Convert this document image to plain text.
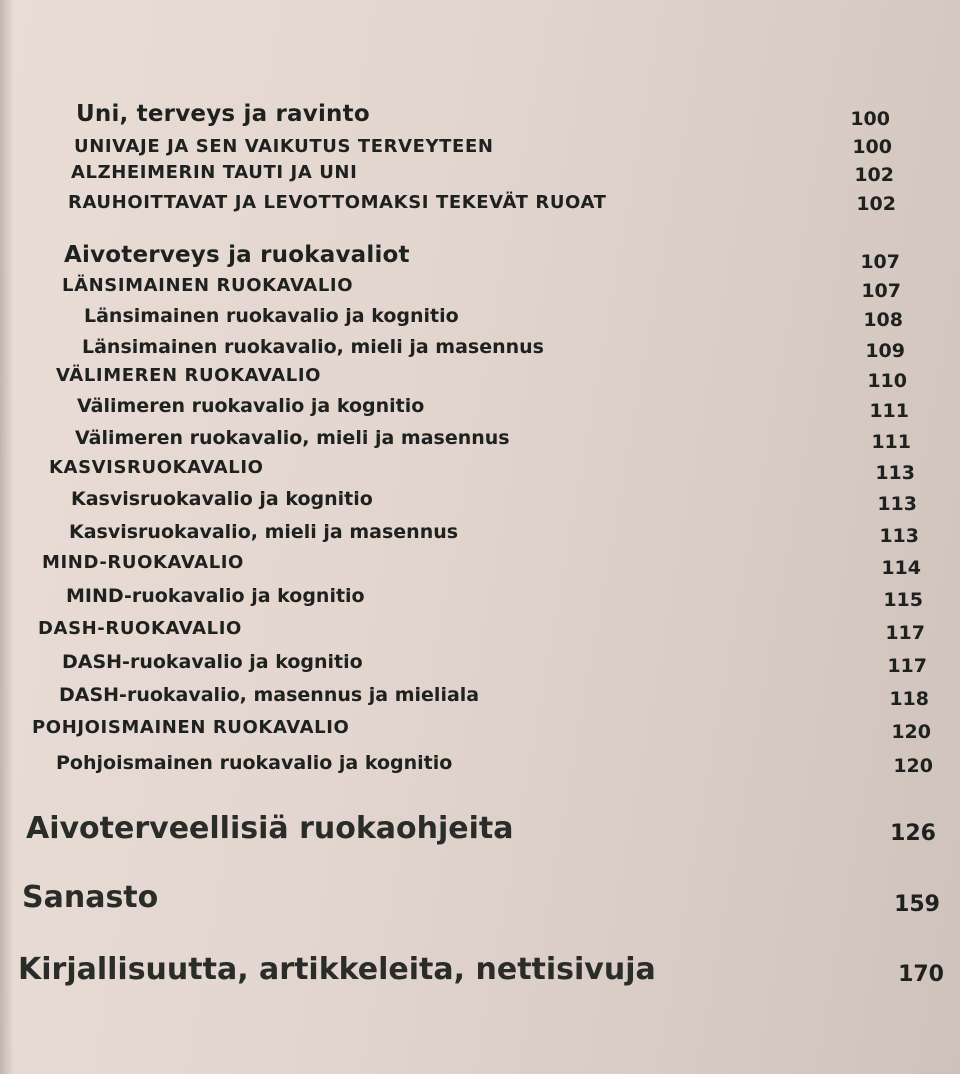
Uni, terveys ja ravinto	100
UNIVAJE JA SEN VAIKUTUS TERVEYTEEN	100
ALZHEIMERIN TAUTI JA UNI	102
RAUHOITTAVAT JA LEVOTTOMAKSI TEKEVÄT RUOAT	102
Aivoterveys ja ruokavaliot	107
LÄNSIMAINEN RUOKAVALIO	107
Länsimainen ruokavalio ja kognitio	108
Länsimainen ruokavalio, mieli ja masennus	109
VÄLIMEREN RUOKAVALIO	110
Välimeren ruokavalio ja kognitio	111
Välimeren ruokavalio, mieli ja masennus	111
KASVISRUOKAVALIO	113
Kasvisruokavalio ja kognitio	113
Kasvisruokavalio, mieli ja masennus	113
MIND-RUOKAVALIO	114
MIND-ruokavalio ja kognitio	115
DASH-RUOKAVALIO	117
DASH-ruokavalio ja kognitio	117
DASH-ruokavalio, masennus ja mieliala	118
POHJOISMAINEN RUOKAVALIO	120
Pohjoismainen ruokavalio ja kognitio	120
Aivoterveellisiä ruokaohjeita	126
Sanasto	159
Kirjallisuutta, artikkeleita, nettisivuja	170
